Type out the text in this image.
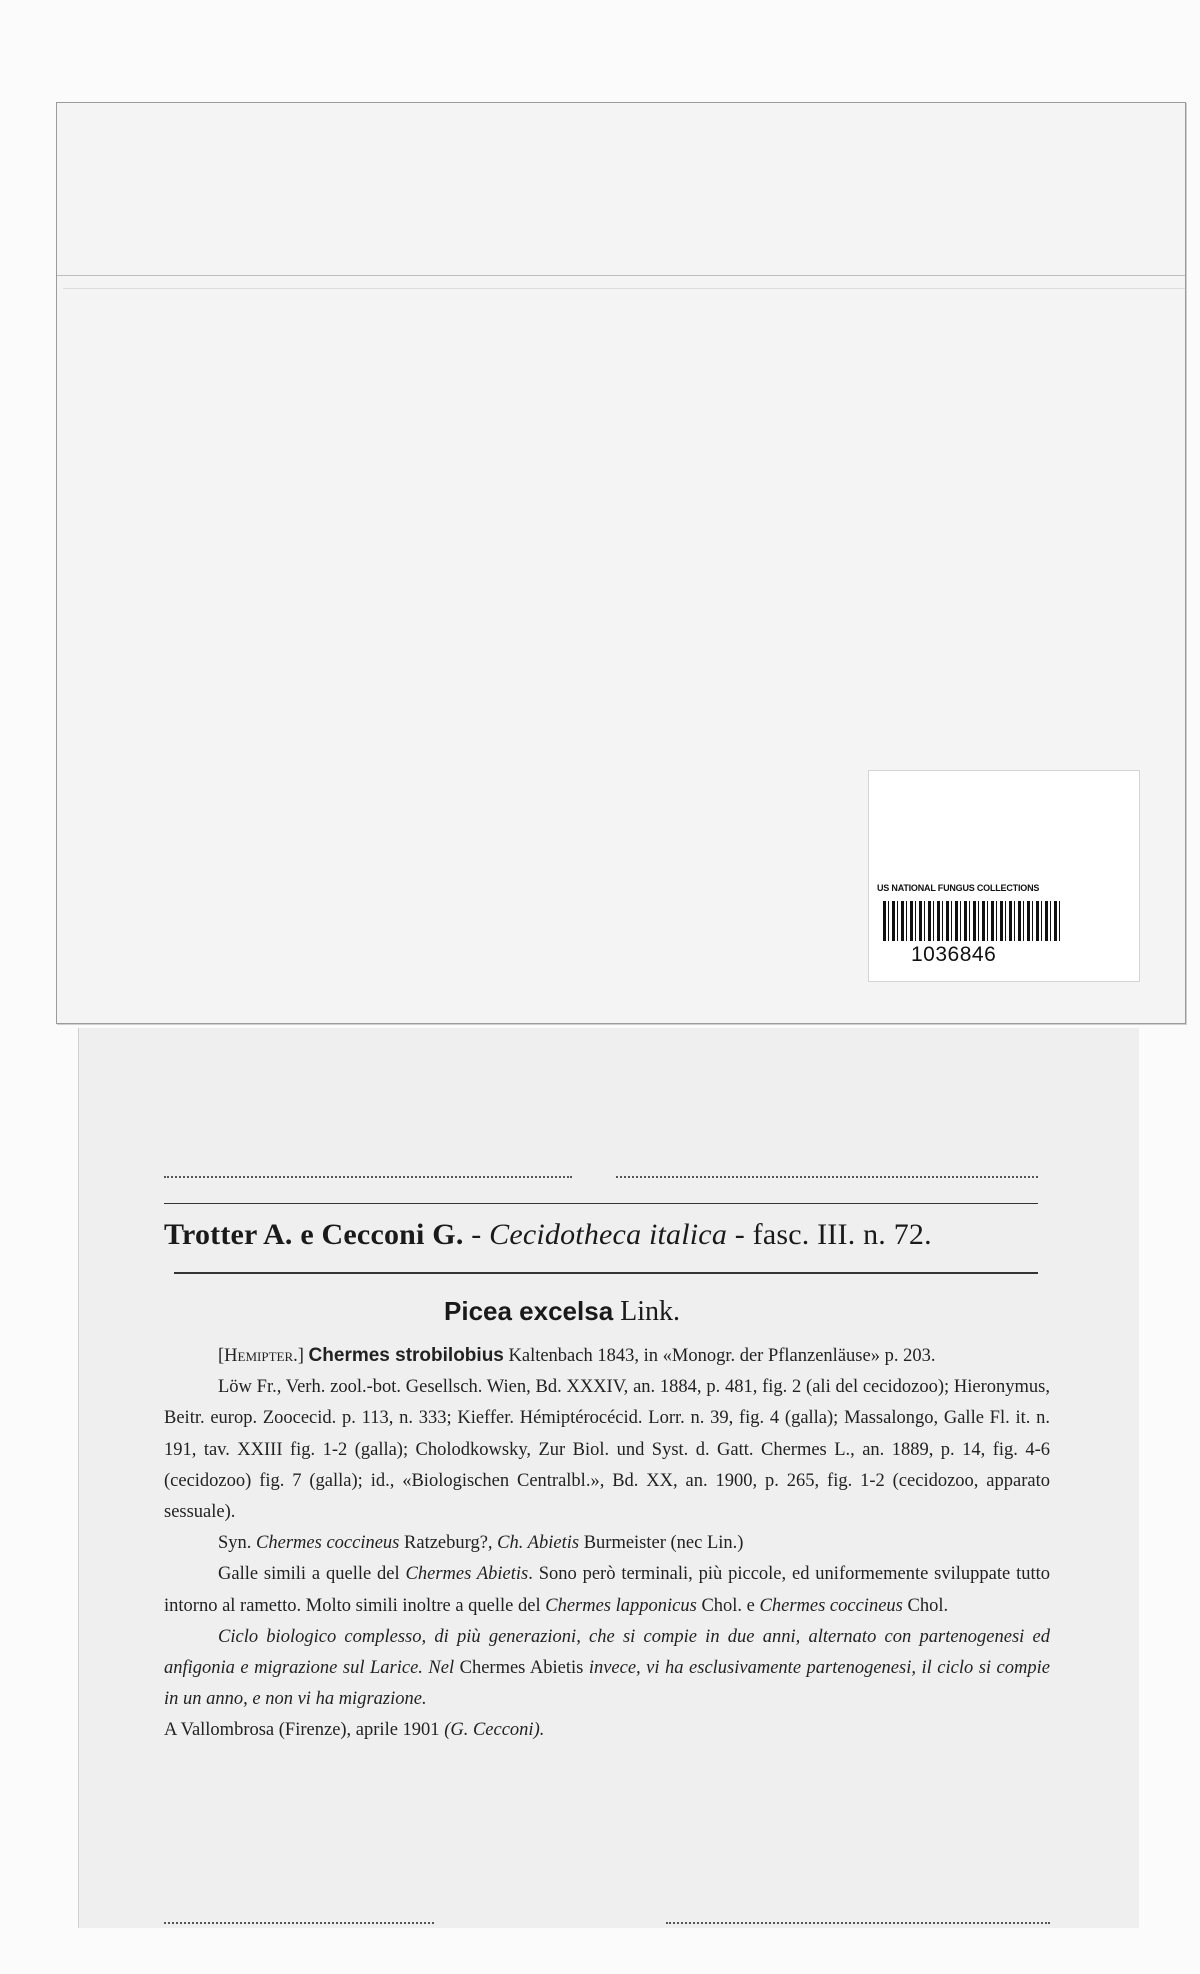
US NATIONAL FUNGUS COLLECTIONS
1036846
Trotter A. e Cecconi G. - Cecidotheca italica - fasc. III. n. 72.
Picea excelsa Link.

[Hemipter.] Chermes strobilobius Kaltenbach 1843, in «Monogr. der Pflanzenläuse» p. 203.

Löw Fr., Verh. zool.-bot. Gesellsch. Wien, Bd. XXXIV, an. 1884, p. 481, fig. 2 (ali del cecidozoo); Hieronymus, Beitr. europ. Zoocecid. p. 113, n. 333; Kieffer. Hémiptérocécid. Lorr. n. 39, fig. 4 (galla); Massalongo, Galle Fl. it. n. 191, tav. XXIII fig. 1-2 (galla); Cholodkowsky, Zur Biol. und Syst. d. Gatt. Chermes L., an. 1889, p. 14, fig. 4-6 (cecidozoo) fig. 7 (galla); id., «Biologischen Centralbl.», Bd. XX, an. 1900, p. 265, fig. 1-2 (cecidozoo, apparato sessuale).

Syn. Chermes coccineus Ratzeburg?, Ch. Abietis Burmeister (nec Lin.)

Galle simili a quelle del Chermes Abietis. Sono però terminali, più piccole, ed uniformemente sviluppate tutto intorno al rametto. Molto simili inoltre a quelle del Chermes lapponicus Chol. e Chermes coccineus Chol.

Ciclo biologico complesso, di più generazioni, che si compie in due anni, alternato con partenogenesi ed anfigonia e migrazione sul Larice. Nel Chermes Abietis invece, vi ha esclusivamente partenogenesi, il ciclo si compie in un anno, e non vi ha migrazione.

A Vallombrosa (Firenze), aprile 1901 (G. Cecconi).
